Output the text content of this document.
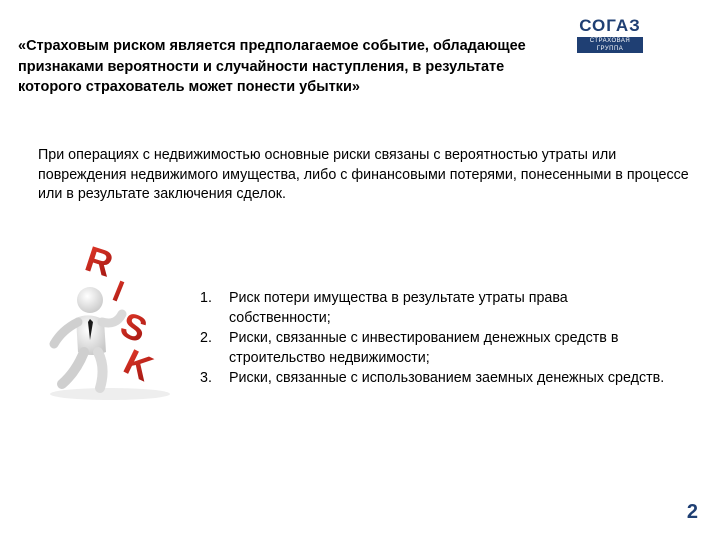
«Страховым риском является предполагаемое событие, обладающее признаками вероятности и случайности наступления, в результате которого страхователь может понести убытки»

СОГАЗ
СТРАХОВАЯ ГРУППА

При операциях с недвижимостью основные риски связаны с вероятностью утраты или повреждения недвижимого имущества, либо с финансовыми потерями, понесенными в процессе или в результате заключения сделок.

R
I
S
K
1. Риск потери имущества в результате утраты права собственности;
2. Риски, связанные с инвестированием денежных средств в строительство недвижимости;
3. Риски, связанные с использованием заемных денежных средств.
2
